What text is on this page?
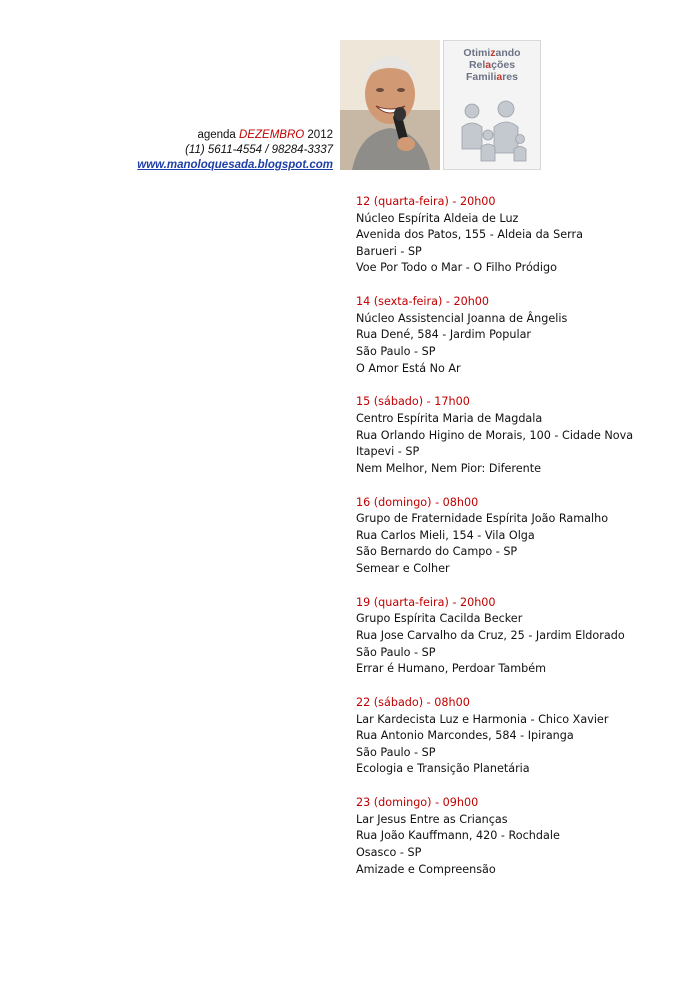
Otimizando
Relações
Familiares
agenda DEZEMBRO 2012
(11) 5611-4554 / 98284-3337
www.manoloquesada.blogspot.com
12 (quarta-feira) - 20h00
Núcleo Espírita Aldeia de Luz
Avenida dos Patos, 155 - Aldeia da Serra
Barueri - SP
Voe Por Todo o Mar - O Filho Pródigo
14 (sexta-feira) - 20h00
Núcleo Assistencial Joanna de Ângelis
Rua Dené, 584 - Jardim Popular
São Paulo - SP
O Amor Está No Ar
15 (sábado) - 17h00
Centro Espírita Maria de Magdala
Rua Orlando Higino de Morais, 100 - Cidade Nova
Itapevi - SP
Nem Melhor, Nem Pior: Diferente
16 (domingo) - 08h00
Grupo de Fraternidade Espírita João Ramalho
Rua Carlos Mieli, 154 - Vila Olga
São Bernardo do Campo - SP
Semear e Colher
19 (quarta-feira) - 20h00
Grupo Espírita Cacilda Becker
Rua Jose Carvalho da Cruz, 25 - Jardim Eldorado
São Paulo - SP
Errar é Humano, Perdoar Também
22 (sábado) - 08h00
Lar Kardecista Luz e Harmonia - Chico Xavier
Rua Antonio Marcondes, 584 - Ipiranga
São Paulo - SP
Ecologia e Transição Planetária
23 (domingo) - 09h00
Lar Jesus Entre as Crianças
Rua João Kauffmann, 420 - Rochdale
Osasco - SP
Amizade e Compreensão
